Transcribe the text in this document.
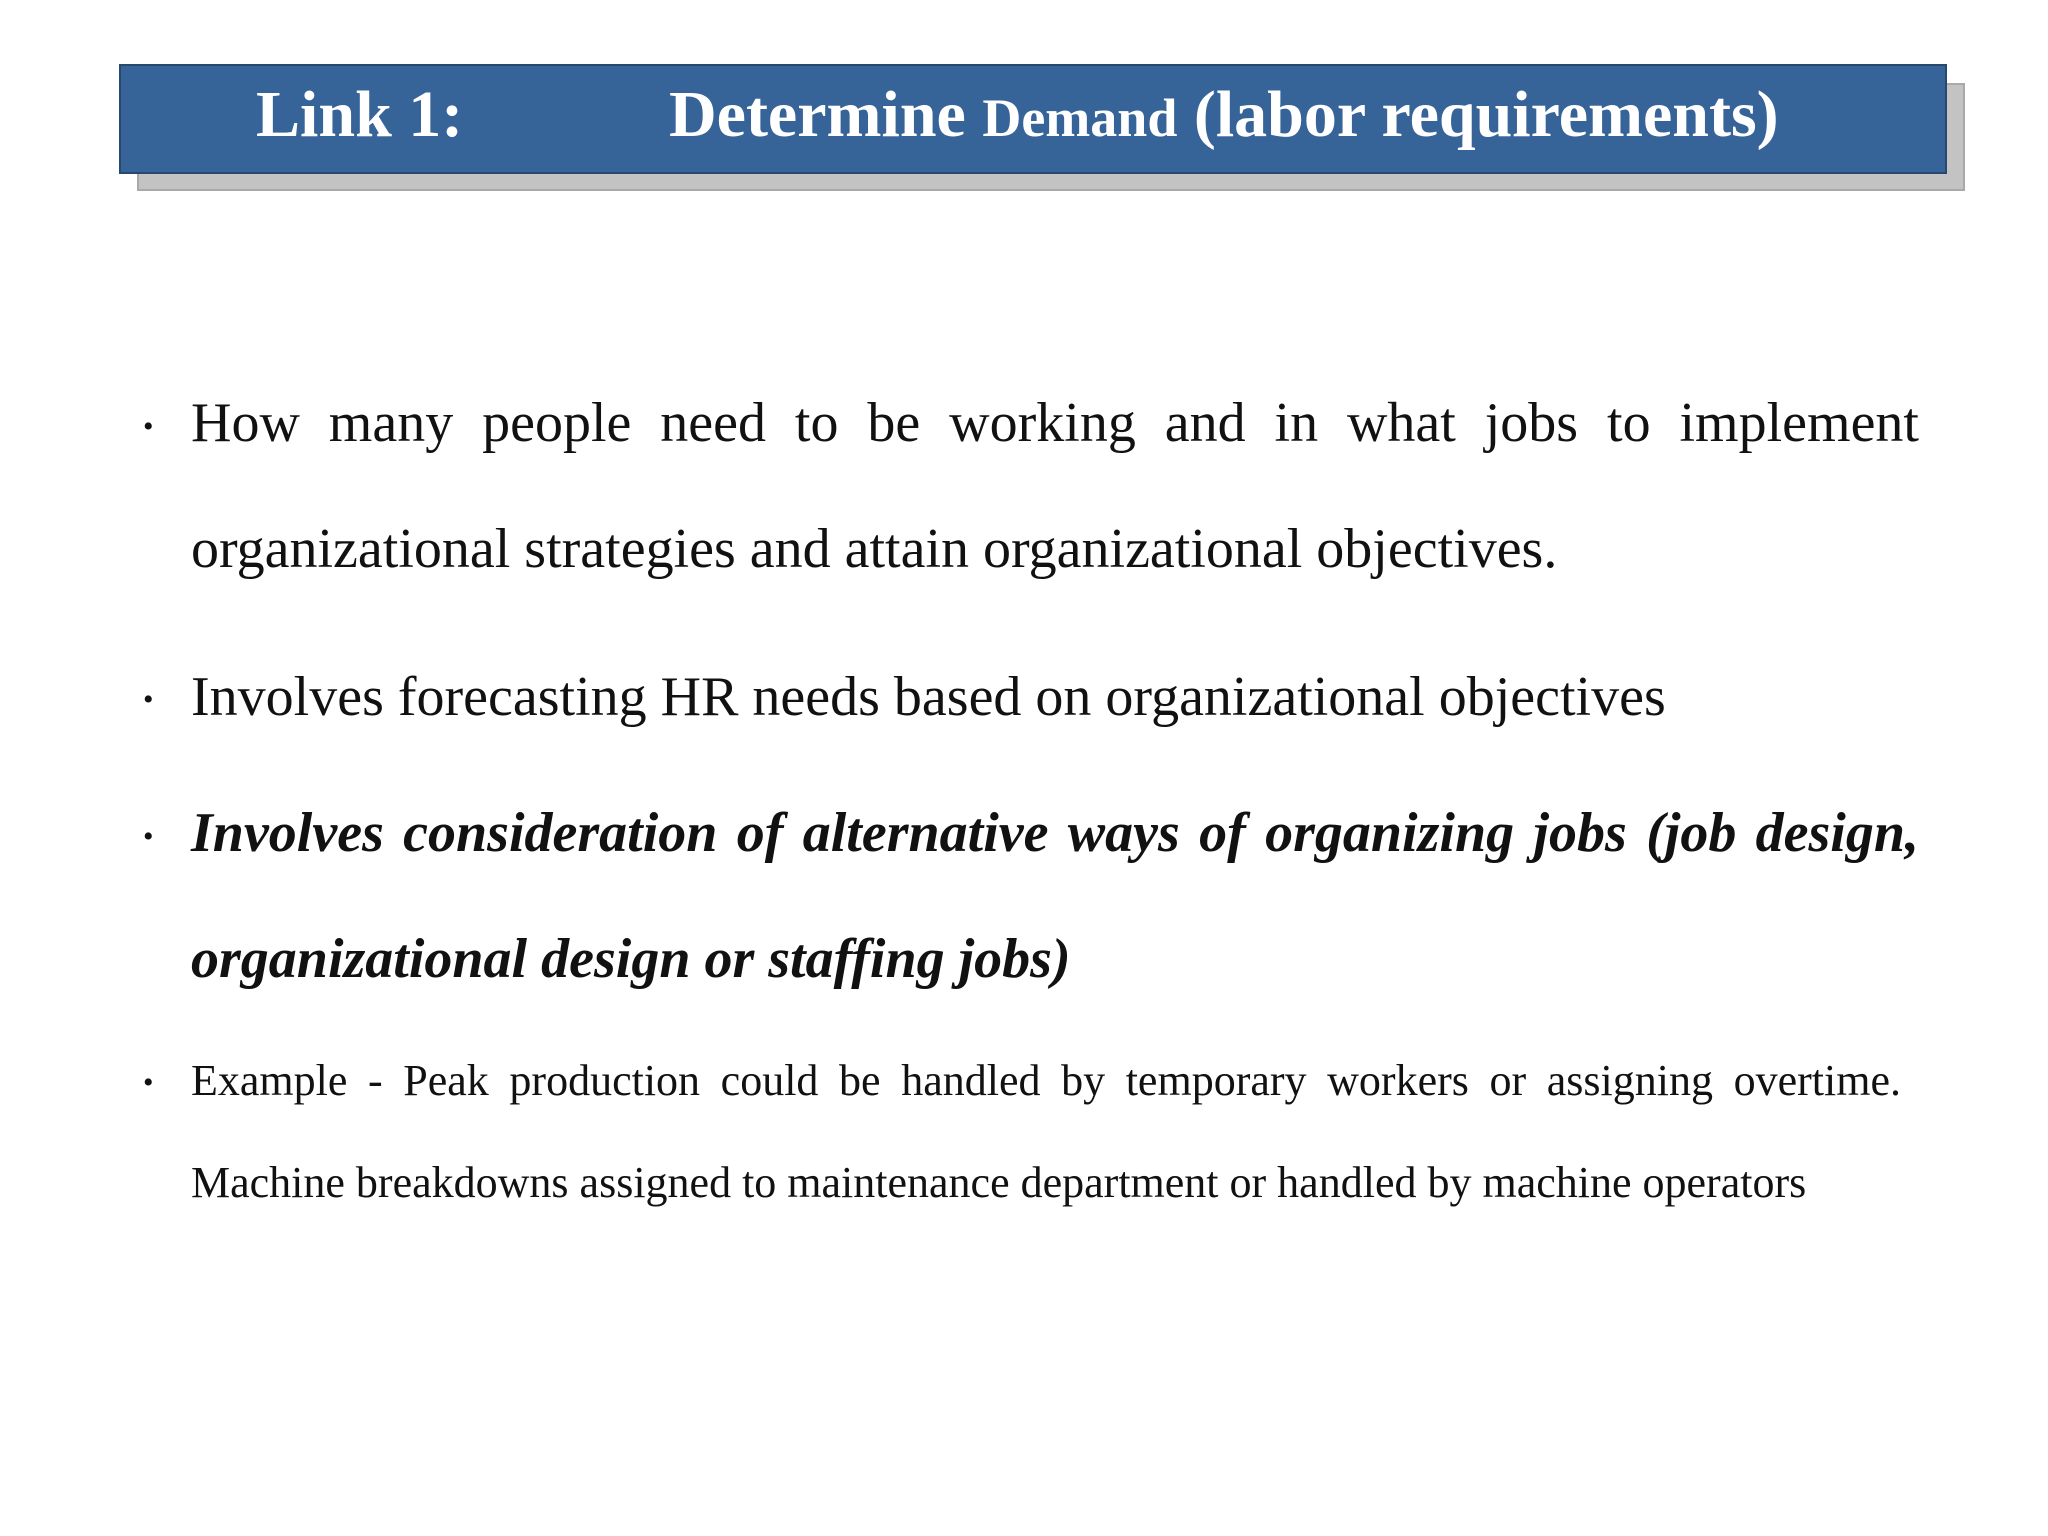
Link 1:	Determine Demand (labor requirements)
• How many people need to be working and in what jobs to implement
organizational strategies and attain organizational objectives.
• Involves forecasting HR needs based on organizational objectives
• Involves consideration of alternative ways of organizing jobs (job design,
organizational design or staffing jobs)
• Example - Peak production could be handled by temporary workers or assigning overtime.
Machine breakdowns assigned to maintenance department or handled by machine operators
